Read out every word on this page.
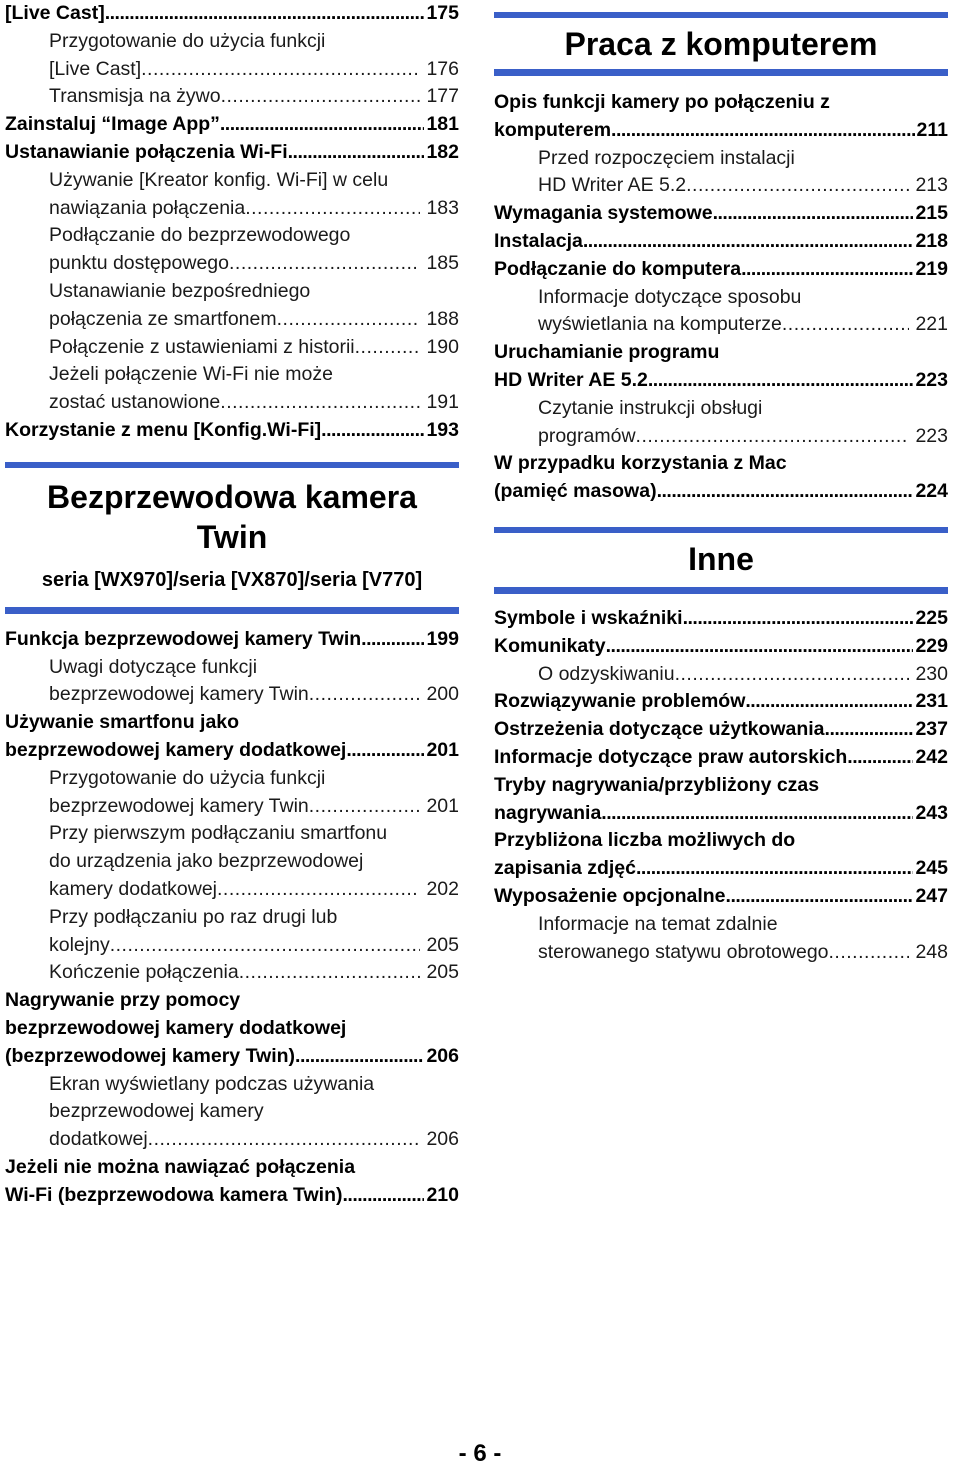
[Live Cast] .....	175
Przygotowanie do użycia funkcji
[Live Cast] .....	176
Transmisja na żywo .....	177
Zainstaluj “Image App” .....	181
Ustanawianie połączenia Wi-Fi .....	182
Używanie [Kreator konfig. Wi-Fi] w celu
nawiązania połączenia .....	183
Podłączanie do bezprzewodowego
punktu dostępowego .....	185
Ustanawianie bezpośredniego
połączenia ze smartfonem .....	188
Połączenie z ustawieniami z historii .....	190
Jeżeli połączenie Wi-Fi nie może
zostać ustanowione .....	191
Korzystanie z menu [Konfig.Wi-Fi] .....	193
Bezprzewodowa kamera
Twin
seria [WX970]/seria [VX870]/seria [V770]
Funkcja bezprzewodowej kamery Twin .....	199
Uwagi dotyczące funkcji
bezprzewodowej kamery Twin .....	200
Używanie smartfonu jako
bezprzewodowej kamery dodatkowej .....	201
Przygotowanie do użycia funkcji
bezprzewodowej kamery Twin .....	201
Przy pierwszym podłączaniu smartfonu
do urządzenia jako bezprzewodowej
kamery dodatkowej .....	202
Przy podłączaniu po raz drugi lub
kolejny .....	205
Kończenie połączenia .....	205
Nagrywanie przy pomocy
bezprzewodowej kamery dodatkowej
(bezprzewodowej kamery Twin) .....	206
Ekran wyświetlany podczas używania
bezprzewodowej kamery
dodatkowej .....	206
Jeżeli nie można nawiązać połączenia
Wi-Fi (bezprzewodowa kamera Twin) .....	210
Praca z komputerem
Opis funkcji kamery po połączeniu z
komputerem .....	211
Przed rozpoczęciem instalacji
HD Writer AE 5.2 .....	213
Wymagania systemowe .....	215
Instalacja .....	218
Podłączanie do komputera .....	219
Informacje dotyczące sposobu
wyświetlania na komputerze .....	221
Uruchamianie programu
HD Writer AE 5.2 .....	223
Czytanie instrukcji obsługi
programów .....	223
W przypadku korzystania z Mac
(pamięć masowa) .....	224
Inne
Symbole i wskaźniki .....	225
Komunikaty .....	229
O odzyskiwaniu .....	230
Rozwiązywanie problemów .....	231
Ostrzeżenia dotyczące użytkowania .....	237
Informacje dotyczące praw autorskich .....	242
Tryby nagrywania/przybliżony czas
nagrywania .....	243
Przybliżona liczba możliwych do
zapisania zdjęć .....	245
Wyposażenie opcjonalne .....	247
Informacje na temat zdalnie
sterowanego statywu obrotowego .....	248
- 6 -
